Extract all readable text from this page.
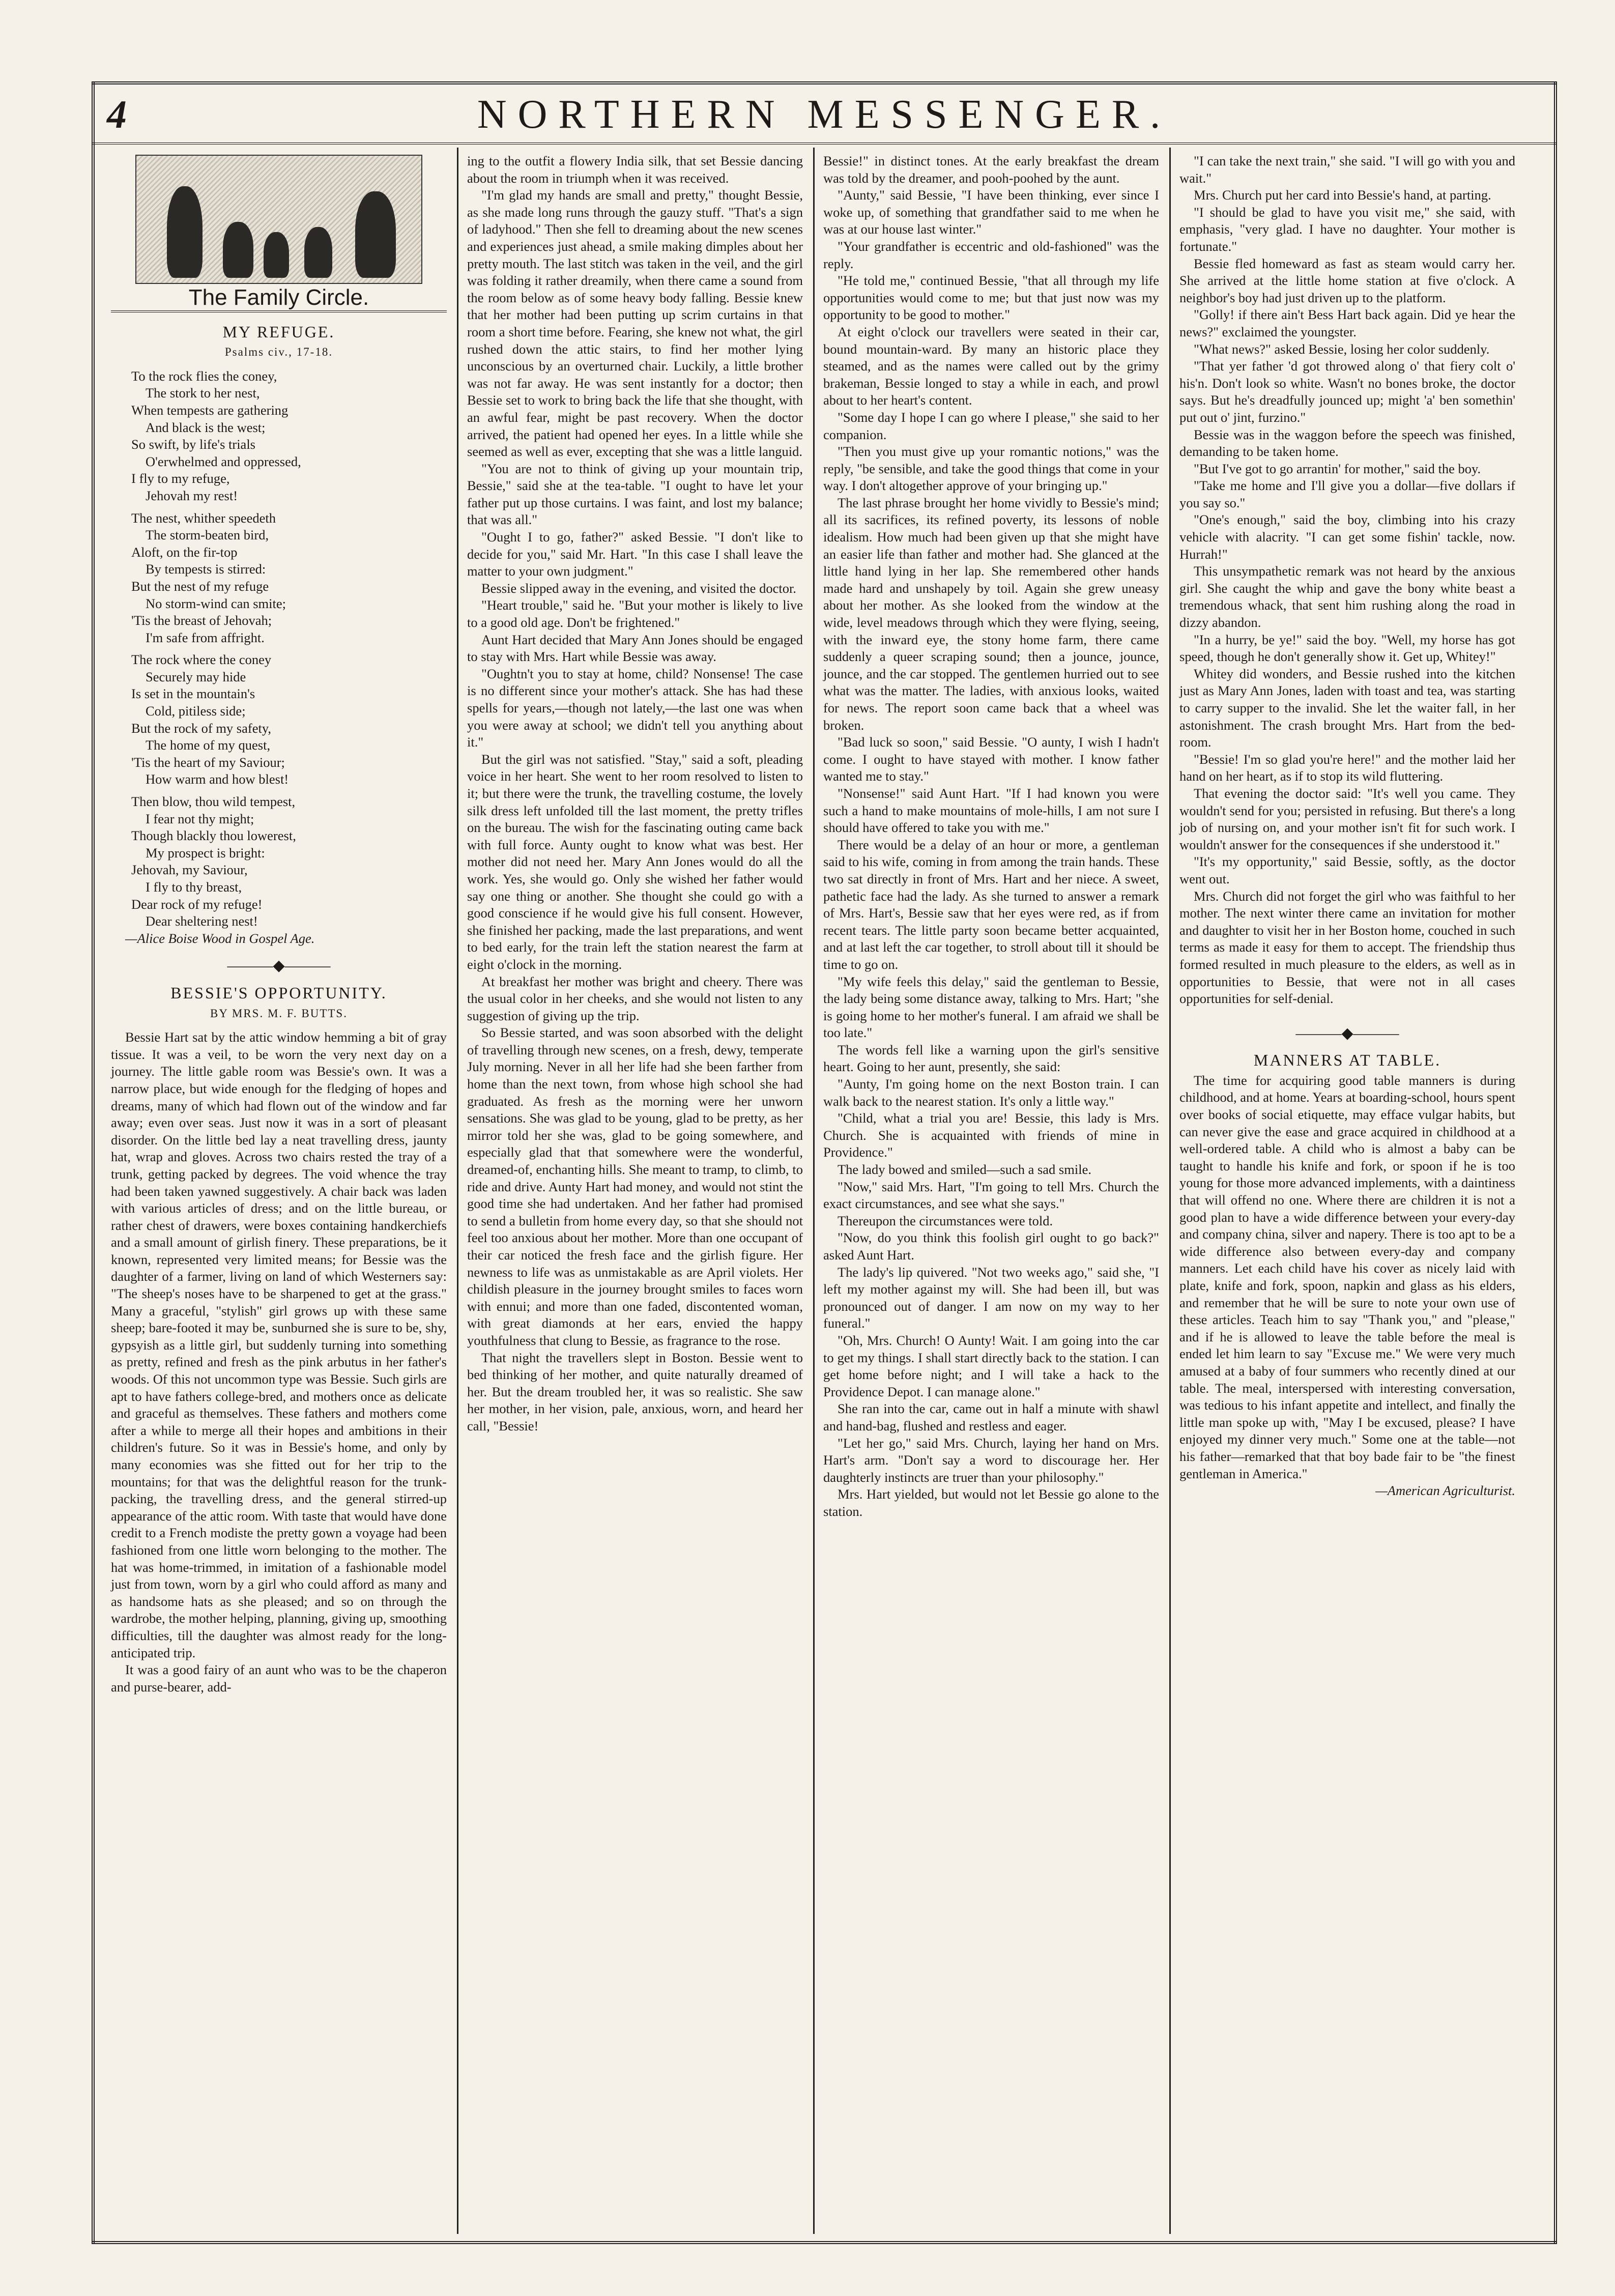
4	NORTHERN MESSENGER.
The Family Circle.
MY REFUGE.
Psalms civ., 17-18.

To the rock flies the coney,

The stork to her nest,

When tempests are gathering

And black is the west;

So swift, by life's trials

O'erwhelmed and oppressed,

I fly to my refuge,

Jehovah my rest!

The nest, whither speedeth

The storm-beaten bird,

Aloft, on the fir-top

By tempests is stirred:

But the nest of my refuge

No storm-wind can smite;

'Tis the breast of Jehovah;

I'm safe from affright.

The rock where the coney

Securely may hide

Is set in the mountain's

Cold, pitiless side;

But the rock of my safety,

The home of my quest,

'Tis the heart of my Saviour;

How warm and how blest!

Then blow, thou wild tempest,

I fear not thy might;

Though blackly thou lowerest,

My prospect is bright:

Jehovah, my Saviour,

I fly to thy breast,

Dear rock of my refuge!

Dear sheltering nest!

—Alice Boise Wood in Gospel Age.

———◆———
BESSIE'S OPPORTUNITY.
BY MRS. M. F. BUTTS.

Bessie Hart sat by the attic window hemming a bit of gray tissue. It was a veil, to be worn the very next day on a journey. The little gable room was Bessie's own. It was a narrow place, but wide enough for the fledging of hopes and dreams, many of which had flown out of the window and far away; even over seas. Just now it was in a sort of pleasant disorder. On the little bed lay a neat travelling dress, jaunty hat, wrap and gloves. Across two chairs rested the tray of a trunk, getting packed by degrees. The void whence the tray had been taken yawned suggestively. A chair back was laden with various articles of dress; and on the little bureau, or rather chest of drawers, were boxes containing handkerchiefs and a small amount of girlish finery. These preparations, be it known, represented very limited means; for Bessie was the daughter of a farmer, living on land of which Westerners say: "The sheep's noses have to be sharpened to get at the grass." Many a graceful, "stylish" girl grows up with these same sheep; bare-footed it may be, sunburned she is sure to be, shy, gypsyish as a little girl, but suddenly turning into something as pretty, refined and fresh as the pink arbutus in her father's woods. Of this not uncommon type was Bessie. Such girls are apt to have fathers college-bred, and mothers once as delicate and graceful as themselves. These fathers and mothers come after a while to merge all their hopes and ambitions in their children's future. So it was in Bessie's home, and only by many economies was she fitted out for her trip to the mountains; for that was the delightful reason for the trunk-packing, the travelling dress, and the general stirred-up appearance of the attic room. With taste that would have done credit to a French modiste the pretty gown a voyage had been fashioned from one little worn belonging to the mother. The hat was home-trimmed, in imitation of a fashionable model just from town, worn by a girl who could afford as many and as handsome hats as she pleased; and so on through the wardrobe, the mother helping, planning, giving up, smoothing difficulties, till the daughter was almost ready for the long-anticipated trip.

It was a good fairy of an aunt who was to be the chaperon and purse-bearer, add-

ing to the outfit a flowery India silk, that set Bessie dancing about the room in triumph when it was received.

"I'm glad my hands are small and pretty," thought Bessie, as she made long runs through the gauzy stuff. "That's a sign of ladyhood." Then she fell to dreaming about the new scenes and experiences just ahead, a smile making dimples about her pretty mouth. The last stitch was taken in the veil, and the girl was folding it rather dreamily, when there came a sound from the room below as of some heavy body falling. Bessie knew that her mother had been putting up scrim curtains in that room a short time before. Fearing, she knew not what, the girl rushed down the attic stairs, to find her mother lying unconscious by an overturned chair. Luckily, a little brother was not far away. He was sent instantly for a doctor; then Bessie set to work to bring back the life that she thought, with an awful fear, might be past recovery. When the doctor arrived, the patient had opened her eyes. In a little while she seemed as well as ever, excepting that she was a little languid.

"You are not to think of giving up your mountain trip, Bessie," said she at the tea-table. "I ought to have let your father put up those curtains. I was faint, and lost my balance; that was all."

"Ought I to go, father?" asked Bessie. "I don't like to decide for you," said Mr. Hart. "In this case I shall leave the matter to your own judgment."

Bessie slipped away in the evening, and visited the doctor.

"Heart trouble," said he. "But your mother is likely to live to a good old age. Don't be frightened."

Aunt Hart decided that Mary Ann Jones should be engaged to stay with Mrs. Hart while Bessie was away.

"Oughtn't you to stay at home, child? Nonsense! The case is no different since your mother's attack. She has had these spells for years,—though not lately,—the last one was when you were away at school; we didn't tell you anything about it."

But the girl was not satisfied. "Stay," said a soft, pleading voice in her heart. She went to her room resolved to listen to it; but there were the trunk, the travelling costume, the lovely silk dress left unfolded till the last moment, the pretty trifles on the bureau. The wish for the fascinating outing came back with full force. Aunty ought to know what was best. Her mother did not need her. Mary Ann Jones would do all the work. Yes, she would go. Only she wished her father would say one thing or another. She thought she could go with a good conscience if he would give his full consent. However, she finished her packing, made the last preparations, and went to bed early, for the train left the station nearest the farm at eight o'clock in the morning.

At breakfast her mother was bright and cheery. There was the usual color in her cheeks, and she would not listen to any suggestion of giving up the trip.

So Bessie started, and was soon absorbed with the delight of travelling through new scenes, on a fresh, dewy, temperate July morning. Never in all her life had she been farther from home than the next town, from whose high school she had graduated. As fresh as the morning were her unworn sensations. She was glad to be young, glad to be pretty, as her mirror told her she was, glad to be going somewhere, and especially glad that that somewhere were the wonderful, dreamed-of, enchanting hills. She meant to tramp, to climb, to ride and drive. Aunty Hart had money, and would not stint the good time she had undertaken. And her father had promised to send a bulletin from home every day, so that she should not feel too anxious about her mother. More than one occupant of their car noticed the fresh face and the girlish figure. Her newness to life was as unmistakable as are April violets. Her childish pleasure in the journey brought smiles to faces worn with ennui; and more than one faded, discontented woman, with great diamonds at her ears, envied the happy youthfulness that clung to Bessie, as fragrance to the rose.

That night the travellers slept in Boston. Bessie went to bed thinking of her mother, and quite naturally dreamed of her. But the dream troubled her, it was so realistic. She saw her mother, in her vision, pale, anxious, worn, and heard her call, "Bessie!

Bessie!" in distinct tones. At the early breakfast the dream was told by the dreamer, and pooh-poohed by the aunt.

"Aunty," said Bessie, "I have been thinking, ever since I woke up, of something that grandfather said to me when he was at our house last winter."

"Your grandfather is eccentric and old-fashioned" was the reply.

"He told me," continued Bessie, "that all through my life opportunities would come to me; but that just now was my opportunity to be good to mother."

At eight o'clock our travellers were seated in their car, bound mountain-ward. By many an historic place they steamed, and as the names were called out by the grimy brakeman, Bessie longed to stay a while in each, and prowl about to her heart's content.

"Some day I hope I can go where I please," she said to her companion.

"Then you must give up your romantic notions," was the reply, "be sensible, and take the good things that come in your way. I don't altogether approve of your bringing up."

The last phrase brought her home vividly to Bessie's mind; all its sacrifices, its refined poverty, its lessons of noble idealism. How much had been given up that she might have an easier life than father and mother had. She glanced at the little hand lying in her lap. She remembered other hands made hard and unshapely by toil. Again she grew uneasy about her mother. As she looked from the window at the wide, level meadows through which they were flying, seeing, with the inward eye, the stony home farm, there came suddenly a queer scraping sound; then a jounce, jounce, jounce, and the car stopped. The gentlemen hurried out to see what was the matter. The ladies, with anxious looks, waited for news. The report soon came back that a wheel was broken.

"Bad luck so soon," said Bessie. "O aunty, I wish I hadn't come. I ought to have stayed with mother. I know father wanted me to stay."

"Nonsense!" said Aunt Hart. "If I had known you were such a hand to make mountains of mole-hills, I am not sure I should have offered to take you with me."

There would be a delay of an hour or more, a gentleman said to his wife, coming in from among the train hands. These two sat directly in front of Mrs. Hart and her niece. A sweet, pathetic face had the lady. As she turned to answer a remark of Mrs. Hart's, Bessie saw that her eyes were red, as if from recent tears. The little party soon became better acquainted, and at last left the car together, to stroll about till it should be time to go on.

"My wife feels this delay," said the gentleman to Bessie, the lady being some distance away, talking to Mrs. Hart; "she is going home to her mother's funeral. I am afraid we shall be too late."

The words fell like a warning upon the girl's sensitive heart. Going to her aunt, presently, she said:

"Aunty, I'm going home on the next Boston train. I can walk back to the nearest station. It's only a little way."

"Child, what a trial you are! Bessie, this lady is Mrs. Church. She is acquainted with friends of mine in Providence."

The lady bowed and smiled—such a sad smile.

"Now," said Mrs. Hart, "I'm going to tell Mrs. Church the exact circumstances, and see what she says."

Thereupon the circumstances were told.

"Now, do you think this foolish girl ought to go back?" asked Aunt Hart.

The lady's lip quivered. "Not two weeks ago," said she, "I left my mother against my will. She had been ill, but was pronounced out of danger. I am now on my way to her funeral."

"Oh, Mrs. Church! O Aunty! Wait. I am going into the car to get my things. I shall start directly back to the station. I can get home before night; and I will take a hack to the Providence Depot. I can manage alone."

She ran into the car, came out in half a minute with shawl and hand-bag, flushed and restless and eager.

"Let her go," said Mrs. Church, laying her hand on Mrs. Hart's arm. "Don't say a word to discourage her. Her daughterly instincts are truer than your philosophy."

Mrs. Hart yielded, but would not let Bessie go alone to the station.

"I can take the next train," she said. "I will go with you and wait."

Mrs. Church put her card into Bessie's hand, at parting.

"I should be glad to have you visit me," she said, with emphasis, "very glad. I have no daughter. Your mother is fortunate."

Bessie fled homeward as fast as steam would carry her. She arrived at the little home station at five o'clock. A neighbor's boy had just driven up to the platform.

"Golly! if there ain't Bess Hart back again. Did ye hear the news?" exclaimed the youngster.

"What news?" asked Bessie, losing her color suddenly.

"That yer father 'd got throwed along o' that fiery colt o' his'n. Don't look so white. Wasn't no bones broke, the doctor says. But he's dreadfully jounced up; might 'a' ben somethin' put out o' jint, furzino."

Bessie was in the waggon before the speech was finished, demanding to be taken home.

"But I've got to go arrantin' for mother," said the boy.

"Take me home and I'll give you a dollar—five dollars if you say so."

"One's enough," said the boy, climbing into his crazy vehicle with alacrity. "I can get some fishin' tackle, now. Hurrah!"

This unsympathetic remark was not heard by the anxious girl. She caught the whip and gave the bony white beast a tremendous whack, that sent him rushing along the road in dizzy abandon.

"In a hurry, be ye!" said the boy. "Well, my horse has got speed, though he don't generally show it. Get up, Whitey!"

Whitey did wonders, and Bessie rushed into the kitchen just as Mary Ann Jones, laden with toast and tea, was starting to carry supper to the invalid. She let the waiter fall, in her astonishment. The crash brought Mrs. Hart from the bed-room.

"Bessie! I'm so glad you're here!" and the mother laid her hand on her heart, as if to stop its wild fluttering.

That evening the doctor said: "It's well you came. They wouldn't send for you; persisted in refusing. But there's a long job of nursing on, and your mother isn't fit for such work. I wouldn't answer for the consequences if she understood it."

"It's my opportunity," said Bessie, softly, as the doctor went out.

Mrs. Church did not forget the girl who was faithful to her mother. The next winter there came an invitation for mother and daughter to visit her in her Boston home, couched in such terms as made it easy for them to accept. The friendship thus formed resulted in much pleasure to the elders, as well as in opportunities to Bessie, that were not in all cases opportunities for self-denial.

———◆———
MANNERS AT TABLE.

The time for acquiring good table manners is during childhood, and at home. Years at boarding-school, hours spent over books of social etiquette, may efface vulgar habits, but can never give the ease and grace acquired in childhood at a well-ordered table. A child who is almost a baby can be taught to handle his knife and fork, or spoon if he is too young for those more advanced implements, with a daintiness that will offend no one. Where there are children it is not a good plan to have a wide difference between your every-day and company china, silver and napery. There is too apt to be a wide difference also between every-day and company manners. Let each child have his cover as nicely laid with plate, knife and fork, spoon, napkin and glass as his elders, and remember that he will be sure to note your own use of these articles. Teach him to say "Thank you," and "please," and if he is allowed to leave the table before the meal is ended let him learn to say "Excuse me." We were very much amused at a baby of four summers who recently dined at our table. The meal, interspersed with interesting conversation, was tedious to his infant appetite and intellect, and finally the little man spoke up with, "May I be excused, please? I have enjoyed my dinner very much." Some one at the table—not his father—remarked that that boy bade fair to be "the finest gentleman in America."

—American Agriculturist.
